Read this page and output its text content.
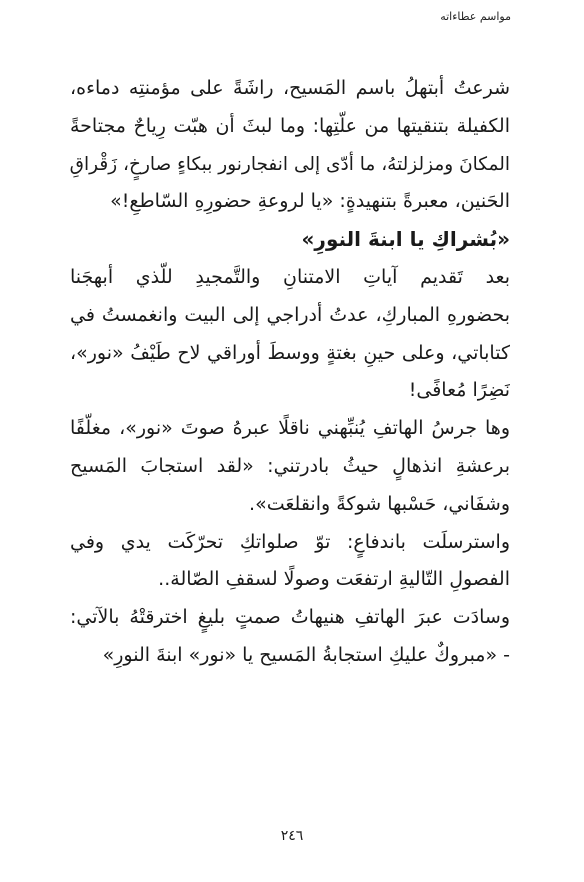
مواسم عطاءاته
شرعتُ أبتهلُ باسم المَسيح، راشَةً على مؤمنتِه دماءه،
الكفيلة بتنقيتها من علّتِها: وما لبثَ أن هبّت رِياحٌ مجتاحةً
المكانَ ومزلزلتهُ، ما أدّى إلى انفجارنور ببكاءٍ صارخٍ، زَقْراقِ
الحَنين، معبرةً بتنهيدةٍ: «يا لروعةِ حضورِهِ السّاطعِ!»
«بُشراكِ يا ابنةَ النورِ»
بعد تَقديم آياتِ الامتنانِ والتَّمجيدِ للّذي أبهجَنا
بحضورهِ المباركِ، عدتُ أدراجي إلى البيت وانغمستُ في
كتاباتي، وعلى حينِ بغتةٍ ووسطَ أوراقي لاح طَيْفُ «نور»،
نَضِرًا مُعافًى!
وها جرسُ الهاتفِ يُنبِّهني ناقلًا عبرهُ صوتَ «نور»، مغلّفًا
برعشةِ انذهالٍ حيثُ بادرتني: «لقد استجابَ المَسيح
وشفَاني، حَسْبها شوكةً وانقلعَت».
واسترسلَت باندفاعٍ: توّ صلواتكِ تحرّكَت يدي وفي
الفصولِ التّاليةِ ارتفعَت وصولًا لسقفِ الصّالة..
وسادَت عبرَ الهاتفِ هنيهاتُ صمتٍ بليغٍ اخترقتْهُ بالآتي:
- «مبروكٌ عليكِ استجابةُ المَسيح يا «نور» ابنةَ النورِ»
٢٤٦
